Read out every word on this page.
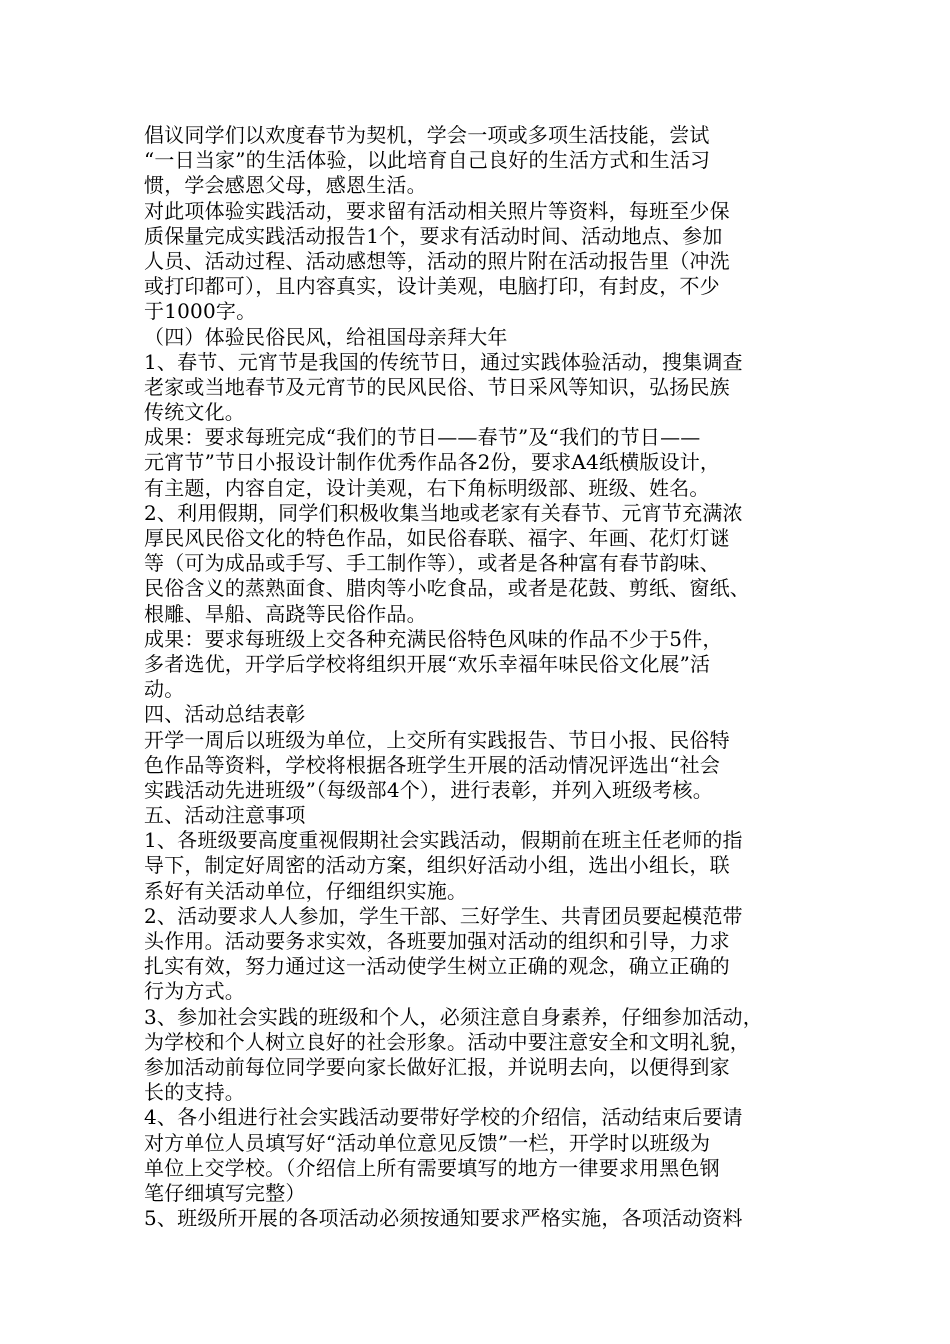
倡议同学们以欢度春节为契机，学会一项或多项生活技能，尝试
“一日当家”的生活体验，以此培育自己良好的生活方式和生活习
惯，学会感恩父母，感恩生活。
对此项体验实践活动，要求留有活动相关照片等资料，每班至少保
质保量完成实践活动报告1个，要求有活动时间、活动地点、参加
人员、活动过程、活动感想等，活动的照片附在活动报告里（冲洗
或打印都可），且内容真实，设计美观，电脑打印，有封皮，不少
于1000字。
（四）体验民俗民风，给祖国母亲拜大年
1、春节、元宵节是我国的传统节日，通过实践体验活动，搜集调查
老家或当地春节及元宵节的民风民俗、节日采风等知识，弘扬民族
传统文化。
成果：要求每班完成“我们的节日——春节”及“我们的节日——
元宵节”节日小报设计制作优秀作品各2份，要求A4纸横版设计，
有主题，内容自定，设计美观，右下角标明级部、班级、姓名。
2、利用假期，同学们积极收集当地或老家有关春节、元宵节充满浓
厚民风民俗文化的特色作品，如民俗春联、福字、年画、花灯灯谜
等（可为成品或手写、手工制作等），或者是各种富有春节韵味、
民俗含义的蒸熟面食、腊肉等小吃食品，或者是花鼓、剪纸、窗纸、
根雕、旱船、高跷等民俗作品。
成果：要求每班级上交各种充满民俗特色风味的作品不少于5件，
多者选优，开学后学校将组织开展“欢乐幸福年味民俗文化展”活
动。
四、活动总结表彰
开学一周后以班级为单位，上交所有实践报告、节日小报、民俗特
色作品等资料，学校将根据各班学生开展的活动情况评选出“社会
实践活动先进班级”（每级部4个），进行表彰，并列入班级考核。
五、活动注意事项
1、各班级要高度重视假期社会实践活动，假期前在班主任老师的指
导下，制定好周密的活动方案，组织好活动小组，选出小组长，联
系好有关活动单位，仔细组织实施。
2、活动要求人人参加，学生干部、三好学生、共青团员要起模范带
头作用。活动要务求实效，各班要加强对活动的组织和引导，力求
扎实有效，努力通过这一活动使学生树立正确的观念，确立正确的
行为方式。
3、参加社会实践的班级和个人，必须注意自身素养，仔细参加活动，
为学校和个人树立良好的社会形象。活动中要注意安全和文明礼貌，
参加活动前每位同学要向家长做好汇报，并说明去向，以便得到家
长的支持。
4、各小组进行社会实践活动要带好学校的介绍信，活动结束后要请
对方单位人员填写好“活动单位意见反馈”一栏，开学时以班级为
单位上交学校。（介绍信上所有需要填写的地方一律要求用黑色钢
笔仔细填写完整）
5、班级所开展的各项活动必须按通知要求严格实施，各项活动资料
